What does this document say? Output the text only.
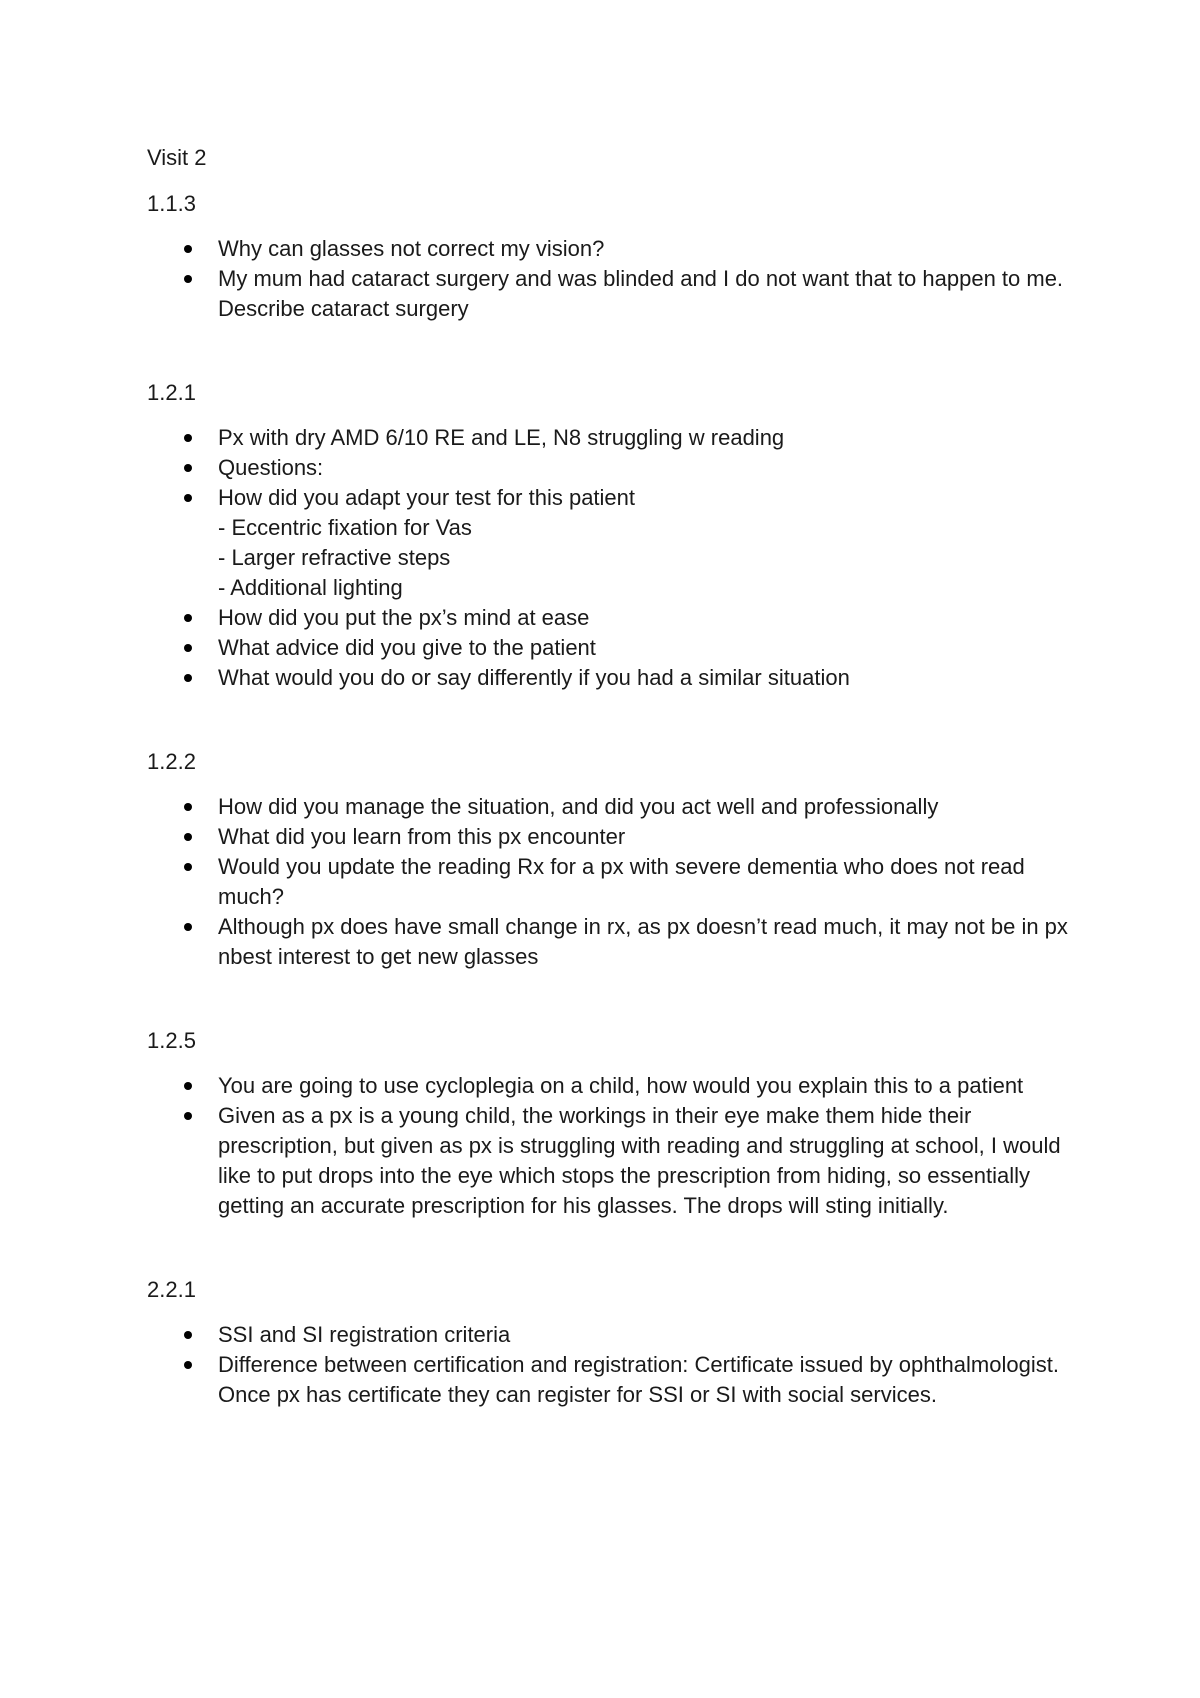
Visit 2

1.1.3

Why can glasses not correct my vision?
My mum had cataract surgery and was blinded and I do not want that to happen to me. Describe cataract surgery

1.2.1

Px with dry AMD 6/10 RE and LE, N8 struggling w reading
Questions:
How did you adapt your test for this patient
- Eccentric fixation for Vas
- Larger refractive steps
- Additional lighting
How did you put the px’s mind at ease
What advice did you give to the patient
What would you do or say differently if you had a similar situation

1.2.2

How did you manage the situation, and did you act well and professionally
What did you learn from this px encounter
Would you update the reading Rx for a px with severe dementia who does not read much?
Although px does have small change in rx, as px doesn’t read much, it may not be in px nbest interest to get new glasses

1.2.5

You are going to use cycloplegia on a child, how would you explain this to a patient
Given as a px is a young child, the workings in their eye make them hide their prescription, but given as px is struggling with reading and struggling at school, I would like to put drops into the eye which stops the prescription from hiding, so essentially getting an accurate prescription for his glasses. The drops will sting initially.

2.2.1

SSI and SI registration criteria
Difference between certification and registration: Certificate issued by ophthalmologist. Once px has certificate they can register for SSI or SI with social services.
